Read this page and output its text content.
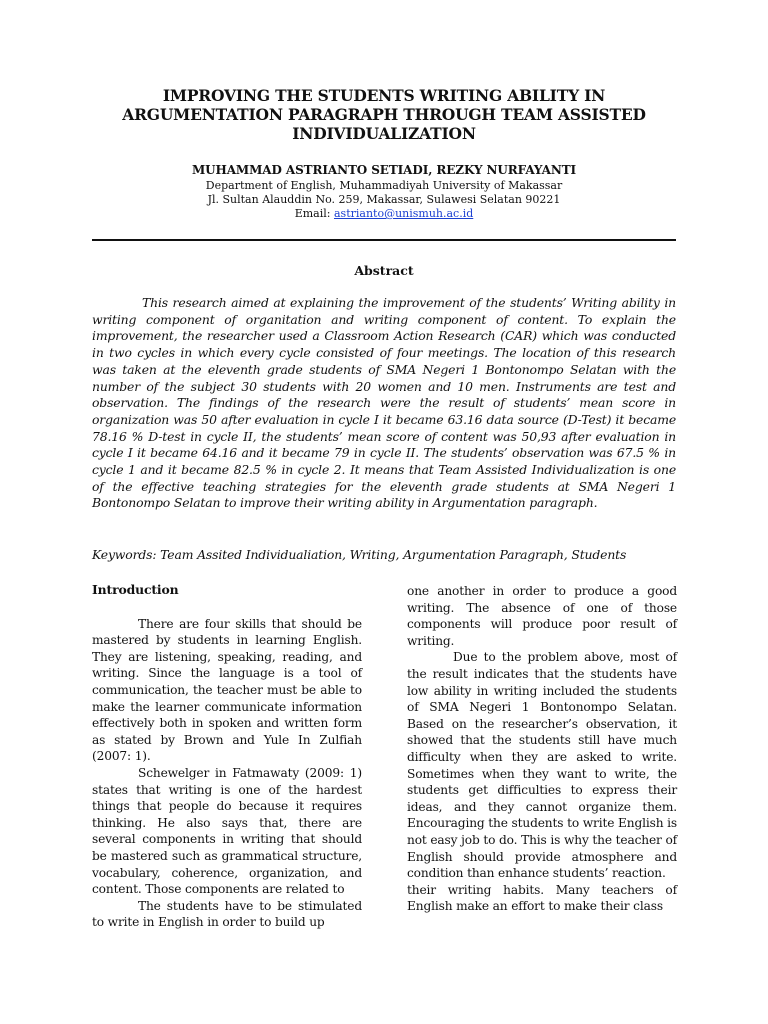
IMPROVING THE STUDENTS WRITING ABILITY IN ARGUMENTATION PARAGRAPH THROUGH TEAM ASSISTED INDIVIDUALIZATION
MUHAMMAD ASTRIANTO SETIADI, REZKY NURFAYANTI
Department of English, Muhammadiyah University of Makassar
Jl. Sultan Alauddin No. 259, Makassar, Sulawesi Selatan 90221
Email: astrianto@unismuh.ac.id
Abstract
This research aimed at explaining the improvement of the students’ Writing ability in writing component of organitation and writing component of content. To explain the improvement, the researcher used a Classroom Action Research (CAR) which was conducted in two cycles in which every cycle consisted of four meetings. The location of this research was taken at the eleventh grade students of SMA Negeri 1 Bontonompo Selatan with the number of the subject 30 students with 20 women and 10 men. Instruments are test and observation. The findings of the research were the result of students’ mean score in organization was 50 after evaluation in cycle I it became 63.16 data source (D-Test) it became 78.16 % D-test in cycle II, the students’ mean score of content was 50,93 after evaluation in cycle I it became 64.16 and it became 79 in cycle II. The students’ observation was 67.5 % in cycle 1 and it became 82.5 % in cycle 2. It means that Team Assisted Individualization is one of the effective teaching strategies for the eleventh grade students at SMA Negeri 1 Bontonompo Selatan to improve their writing ability in Argumentation paragraph.
Keywords: Team Assited Individualiation, Writing, Argumentation Paragraph, Students
Introduction

There are four skills that should be mastered by students in learning English. They are listening, speaking, reading, and writing. Since the language is a tool of communication, the teacher must be able to make the learner communicate information effectively both in spoken and written form as stated by Brown and Yule In Zulfiah (2007: 1).

Schewelger in Fatmawaty (2009: 1) states that writing is one of the hardest things that people do because it requires thinking. He also says that, there are several components in writing that should be mastered such as grammatical structure, vocabulary, coherence, organization, and content. Those components are related to

The students have to be stimulated to write in English in order to build up

one another in order to produce a good writing. The absence of one of those components will produce poor result of writing.

Due to the problem above, most of the result indicates that the students have low ability in writing included the students of SMA Negeri 1 Bontonompo Selatan. Based on the researcher’s observation, it showed that the students still have much difficulty when they are asked to write. Sometimes when they want to write, the students get difficulties to express their ideas, and they cannot organize them. Encouraging the students to write English is not easy job to do. This is why the teacher of English should provide atmosphere and condition than enhance students’ reaction.

their writing habits. Many teachers of English make an effort to make their class
